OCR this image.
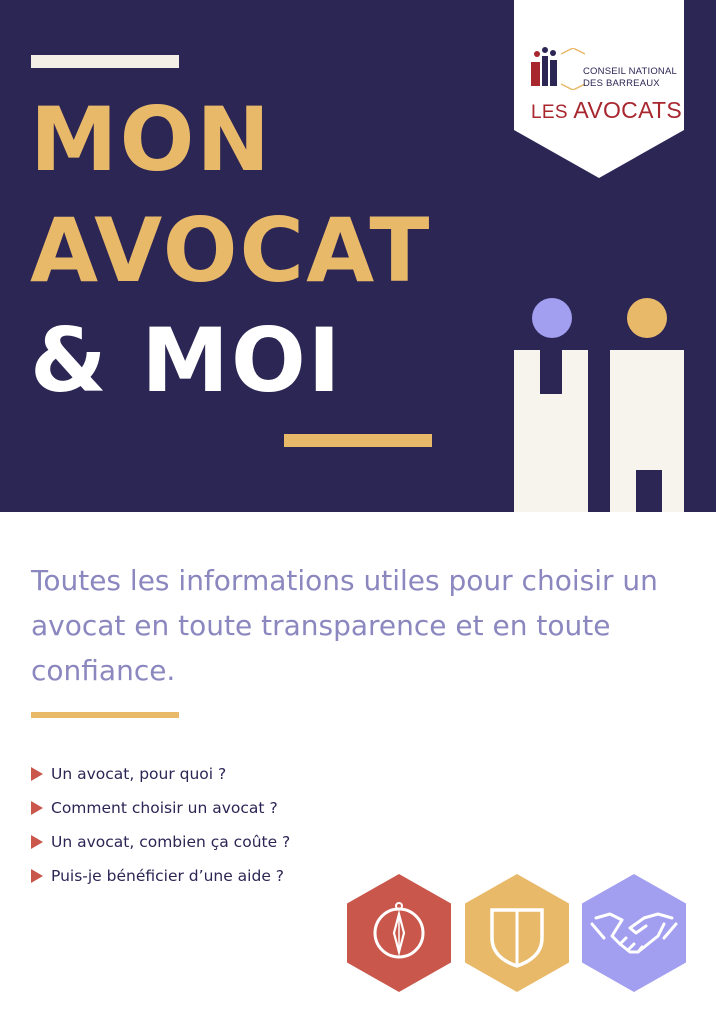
MON
AVOCAT
& MOI
CONSEIL NATIONAL
DES BARREAUX
LES AVOCATS

Toutes les informations utiles pour choisir un avocat en toute transparence et en toute confiance.

Un avocat, pour quoi ?
Comment choisir un avocat ?
Un avocat, combien ça coûte ?
Puis-je bénéficier d’une aide ?
